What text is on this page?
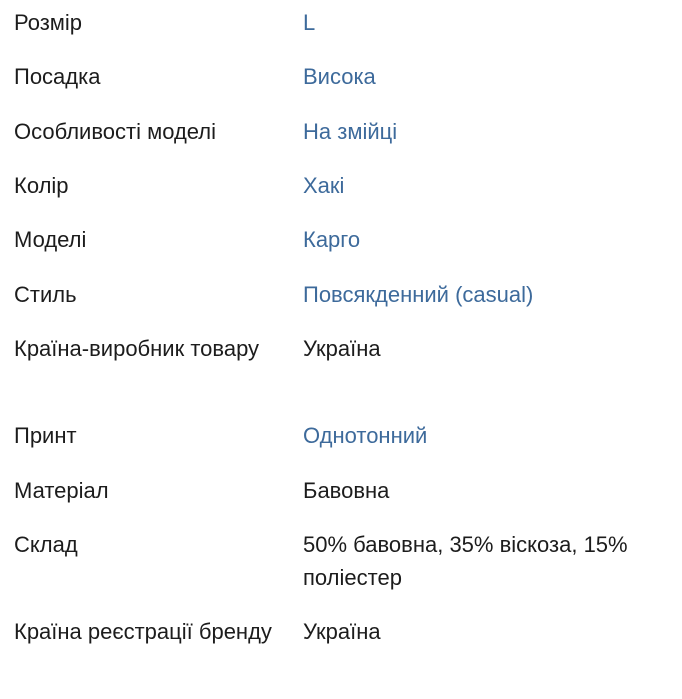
Розмір	L
Посадка	Висока
Особливості моделі	На змійці
Колір	Хакі
Моделі	Карго
Стиль	Повсякденний (casual)
Країна-виробник товару	Україна
Принт	Однотонний
Матеріал	Бавовна
Склад	50% бавовна, 35% віскоза, 15% поліестер
Країна реєстрації бренду	Україна
